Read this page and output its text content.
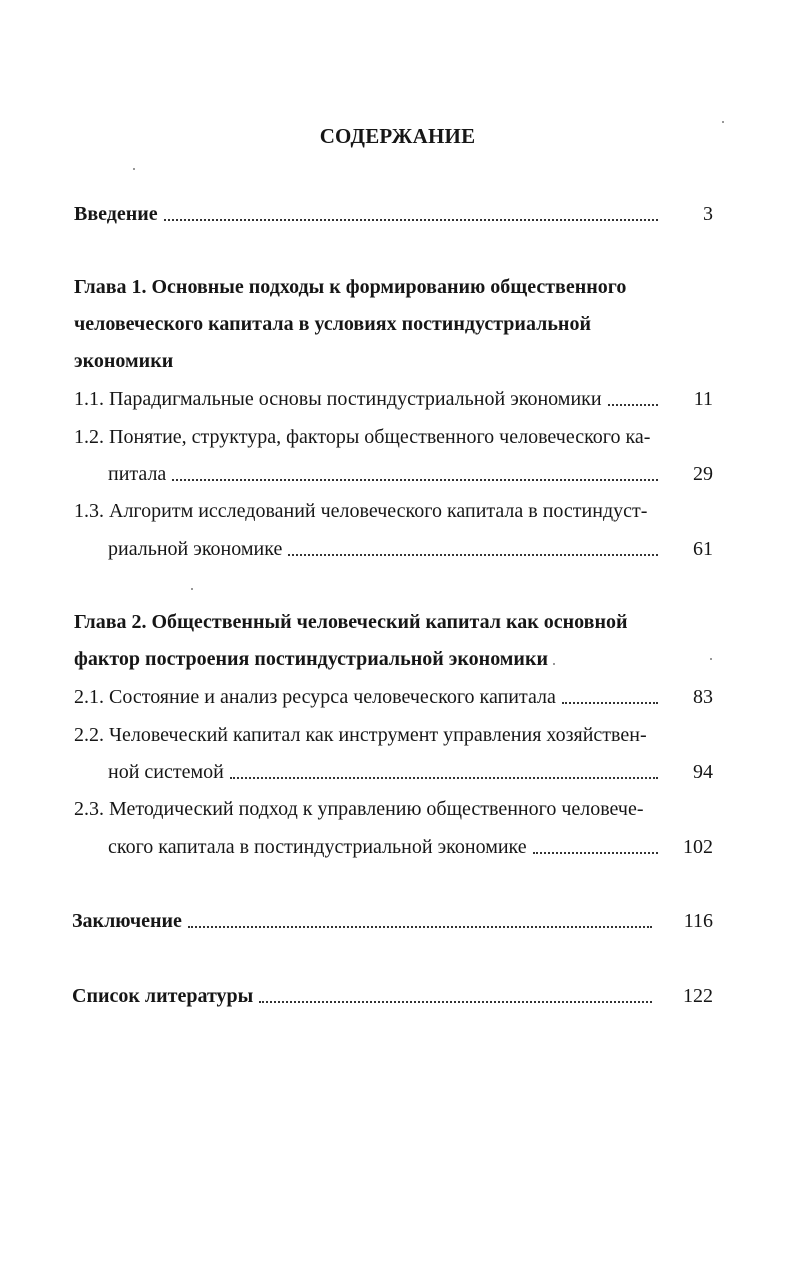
СОДЕРЖАНИЕ
Введение	3
Глава 1. Основные подходы к формированию общественного
человеческого капитала в условиях постиндустриальной
экономики
1.1. Парадигмальные основы постиндустриальной экономики	11
1.2. Понятие, структура, факторы общественного человеческого ка-
питала	29
1.3. Алгоритм исследований человеческого капитала в постиндуст-
риальной экономике	61
Глава 2. Общественный человеческий капитал как основной
фактор построения постиндустриальной экономики
2.1. Состояние и анализ ресурса человеческого капитала	83
2.2. Человеческий капитал как инструмент управления хозяйствен-
ной системой	94
2.3. Методический подход к управлению общественного человече-
ского капитала в постиндустриальной экономике	102
Заключение	116
Список литературы	122
